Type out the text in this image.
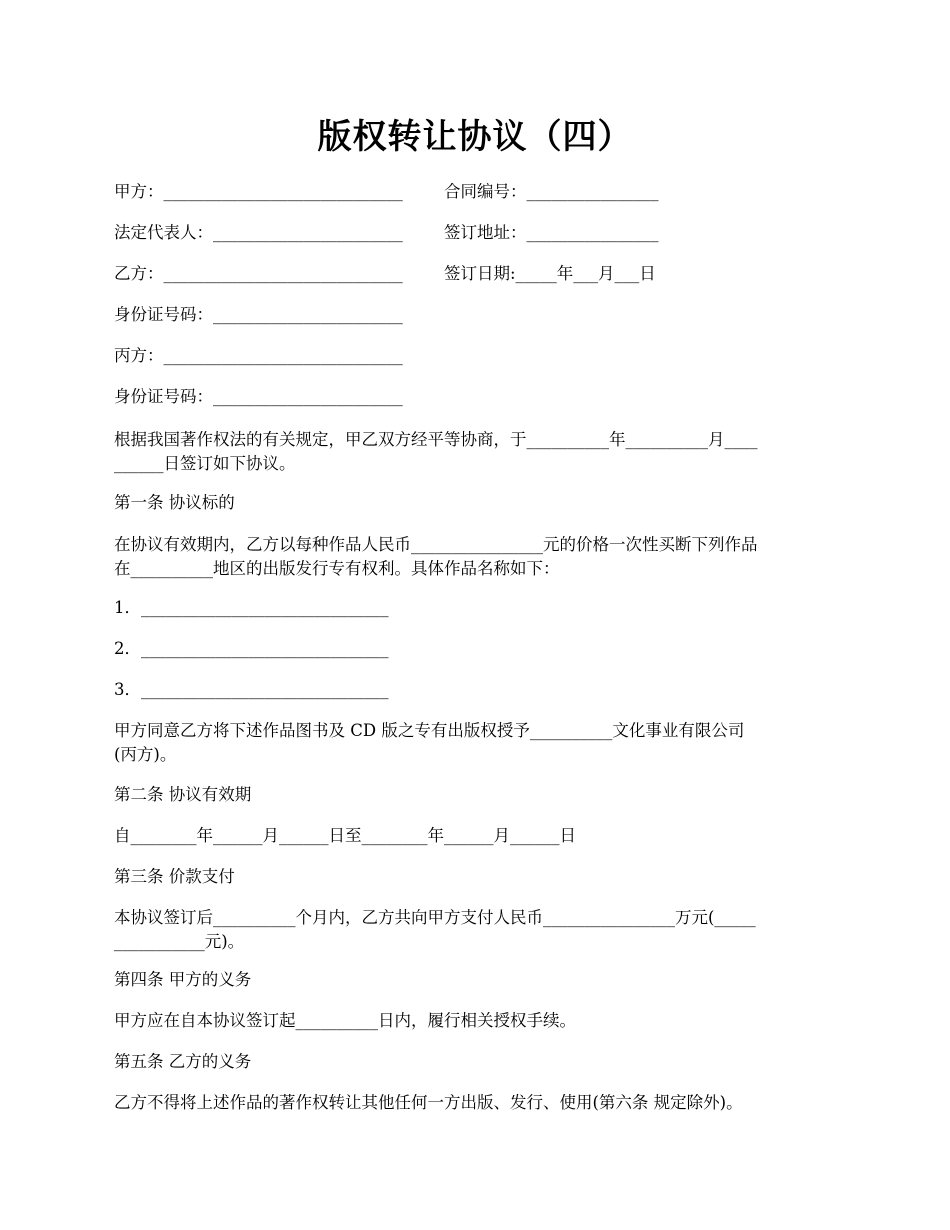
版权转让协议（四）
甲方：_____________________________	合同编号：________________
法定代表人：_______________________	签订地址：________________
乙方：_____________________________	签订日期:_____年___月___日
身份证号码：_______________________
丙方：_____________________________
身份证号码：_______________________
根据我国著作权法的有关规定，甲乙双方经平等协商，于__________年__________月____
______日签订如下协议。
第一条 协议标的
在协议有效期内，乙方以每种作品人民币________________元的价格一次性买断下列作品
在__________地区的出版发行专有权利。具体作品名称如下：
1．______________________________
2．______________________________
3．______________________________
甲方同意乙方将下述作品图书及 CD 版之专有出版权授予__________文化事业有限公司
(丙方)。
第二条 协议有效期
自________年______月______日至________年______月______日
第三条 价款支付
本协议签订后__________个月内，乙方共向甲方支付人民币________________万元(_____
___________元)。
第四条 甲方的义务
甲方应在自本协议签订起__________日内，履行相关授权手续。
第五条 乙方的义务
乙方不得将上述作品的著作权转让其他任何一方出版、发行、使用(第六条 规定除外)。
